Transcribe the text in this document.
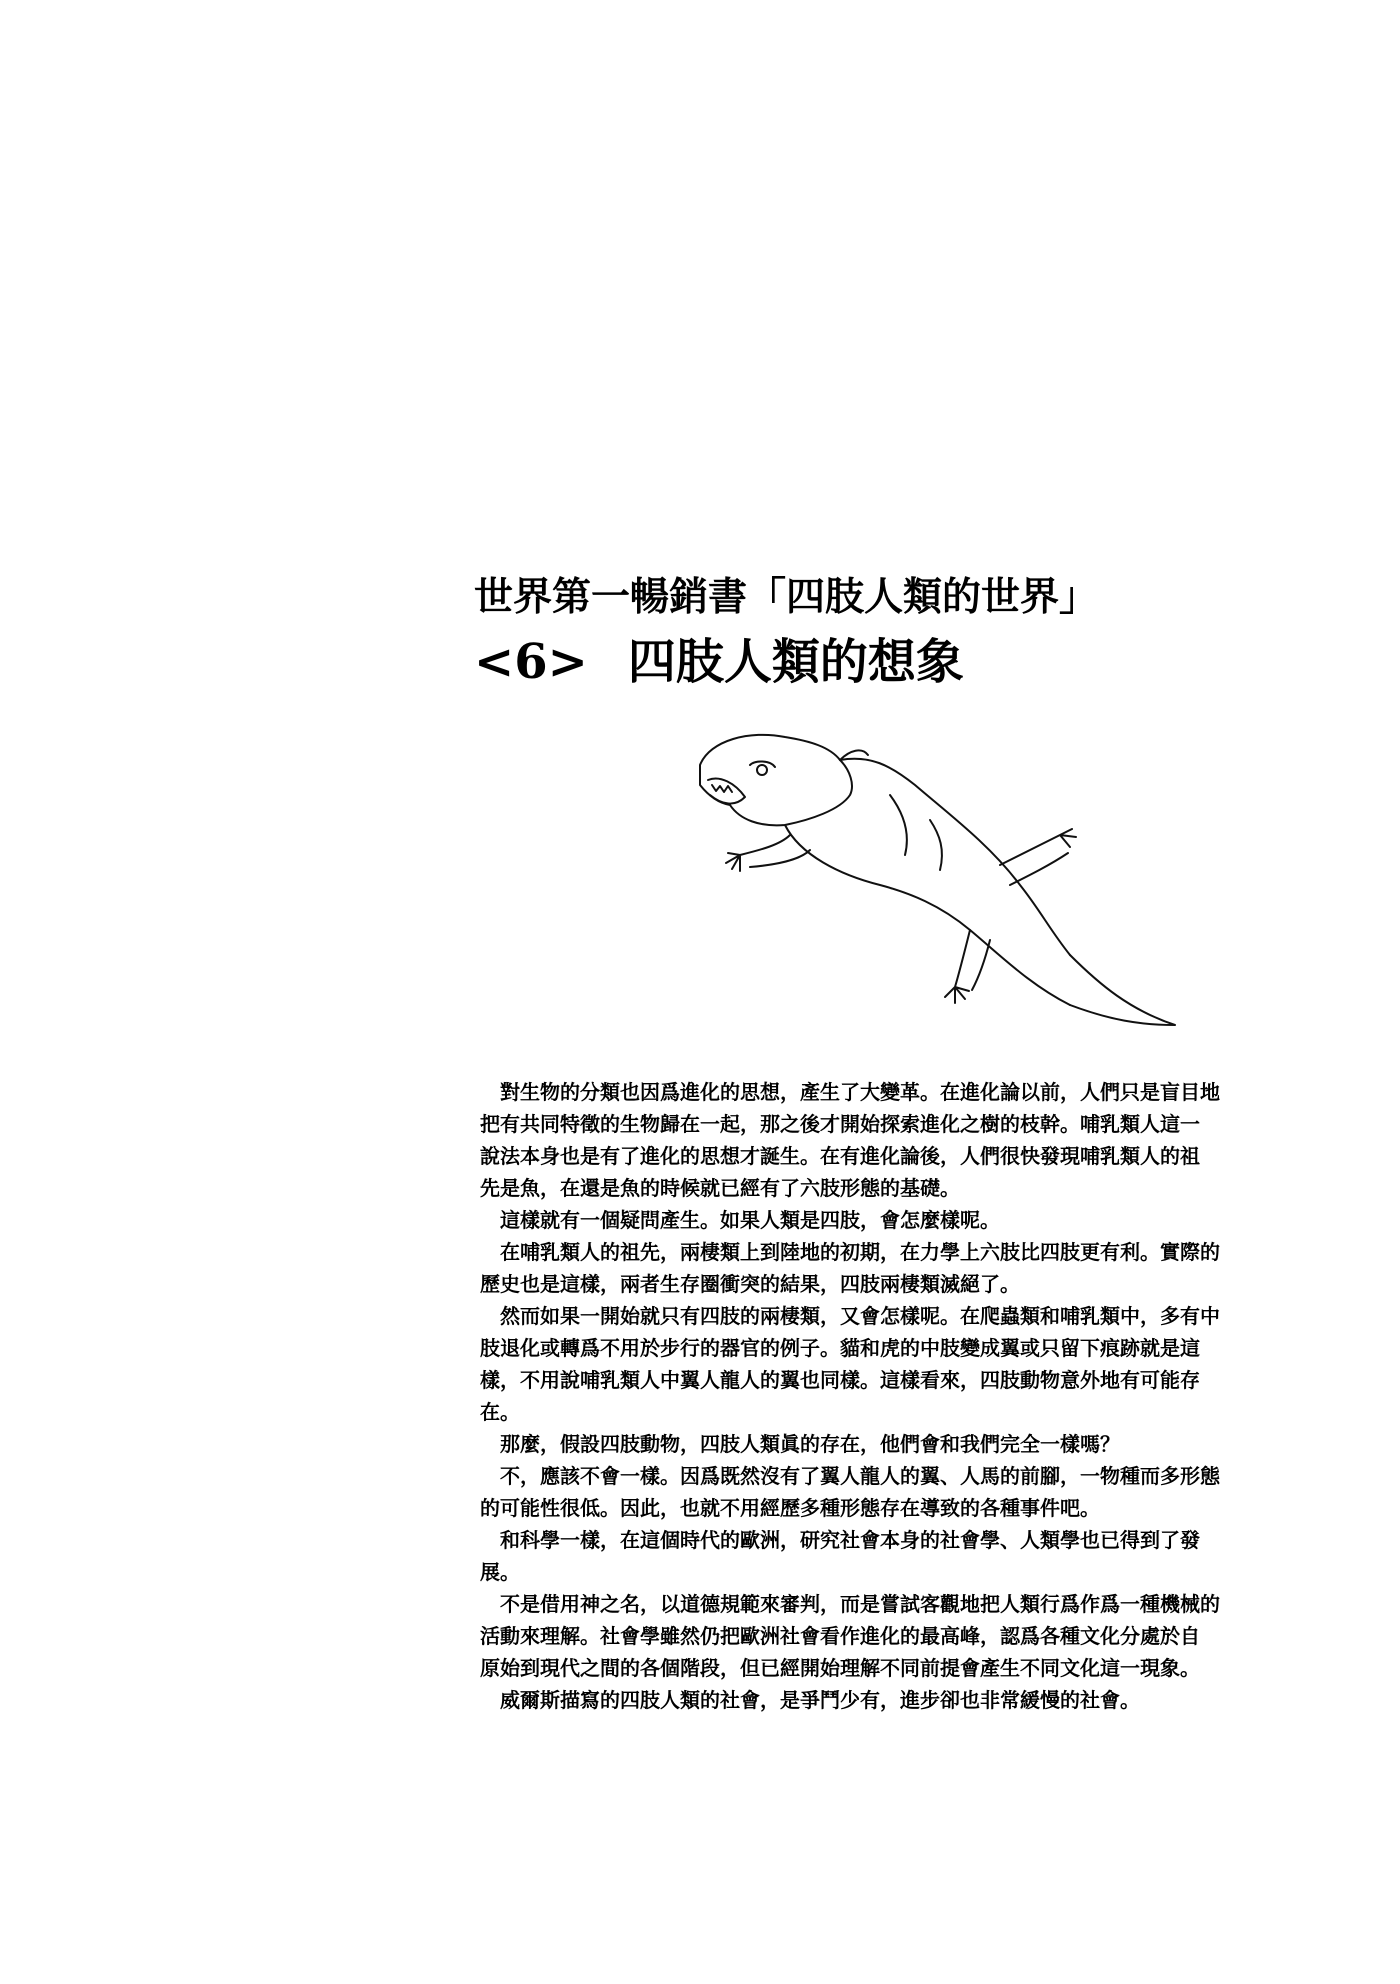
世界第一暢銷書「四肢人類的世界」
<6> 四肢人類的想象
對生物的分類也因爲進化的思想，產生了大變革。在進化論以前，人們只是盲目地
把有共同特徵的生物歸在一起，那之後才開始探索進化之樹的枝幹。哺乳類人這一
說法本身也是有了進化的思想才誕生。在有進化論後，人們很快發現哺乳類人的祖
先是魚，在還是魚的時候就已經有了六肢形態的基礎。
這樣就有一個疑問產生。如果人類是四肢，會怎麼樣呢。
在哺乳類人的祖先，兩棲類上到陸地的初期，在力學上六肢比四肢更有利。實際的
歷史也是這樣，兩者生存圈衝突的結果，四肢兩棲類滅絕了。
然而如果一開始就只有四肢的兩棲類，又會怎樣呢。在爬蟲類和哺乳類中，多有中
肢退化或轉爲不用於步行的器官的例子。貓和虎的中肢變成翼或只留下痕跡就是這
樣，不用說哺乳類人中翼人龍人的翼也同樣。這樣看來，四肢動物意外地有可能存
在。
那麼，假設四肢動物，四肢人類眞的存在，他們會和我們完全一樣嗎？
不，應該不會一樣。因爲既然沒有了翼人龍人的翼、人馬的前腳，一物種而多形態
的可能性很低。因此，也就不用經歷多種形態存在導致的各種事件吧。
和科學一樣，在這個時代的歐洲，研究社會本身的社會學、人類學也已得到了發
展。
不是借用神之名，以道德規範來審判，而是嘗試客觀地把人類行爲作爲一種機械的
活動來理解。社會學雖然仍把歐洲社會看作進化的最高峰，認爲各種文化分處於自
原始到現代之間的各個階段，但已經開始理解不同前提會產生不同文化這一現象。
威爾斯描寫的四肢人類的社會，是爭鬥少有，進步卻也非常緩慢的社會。
